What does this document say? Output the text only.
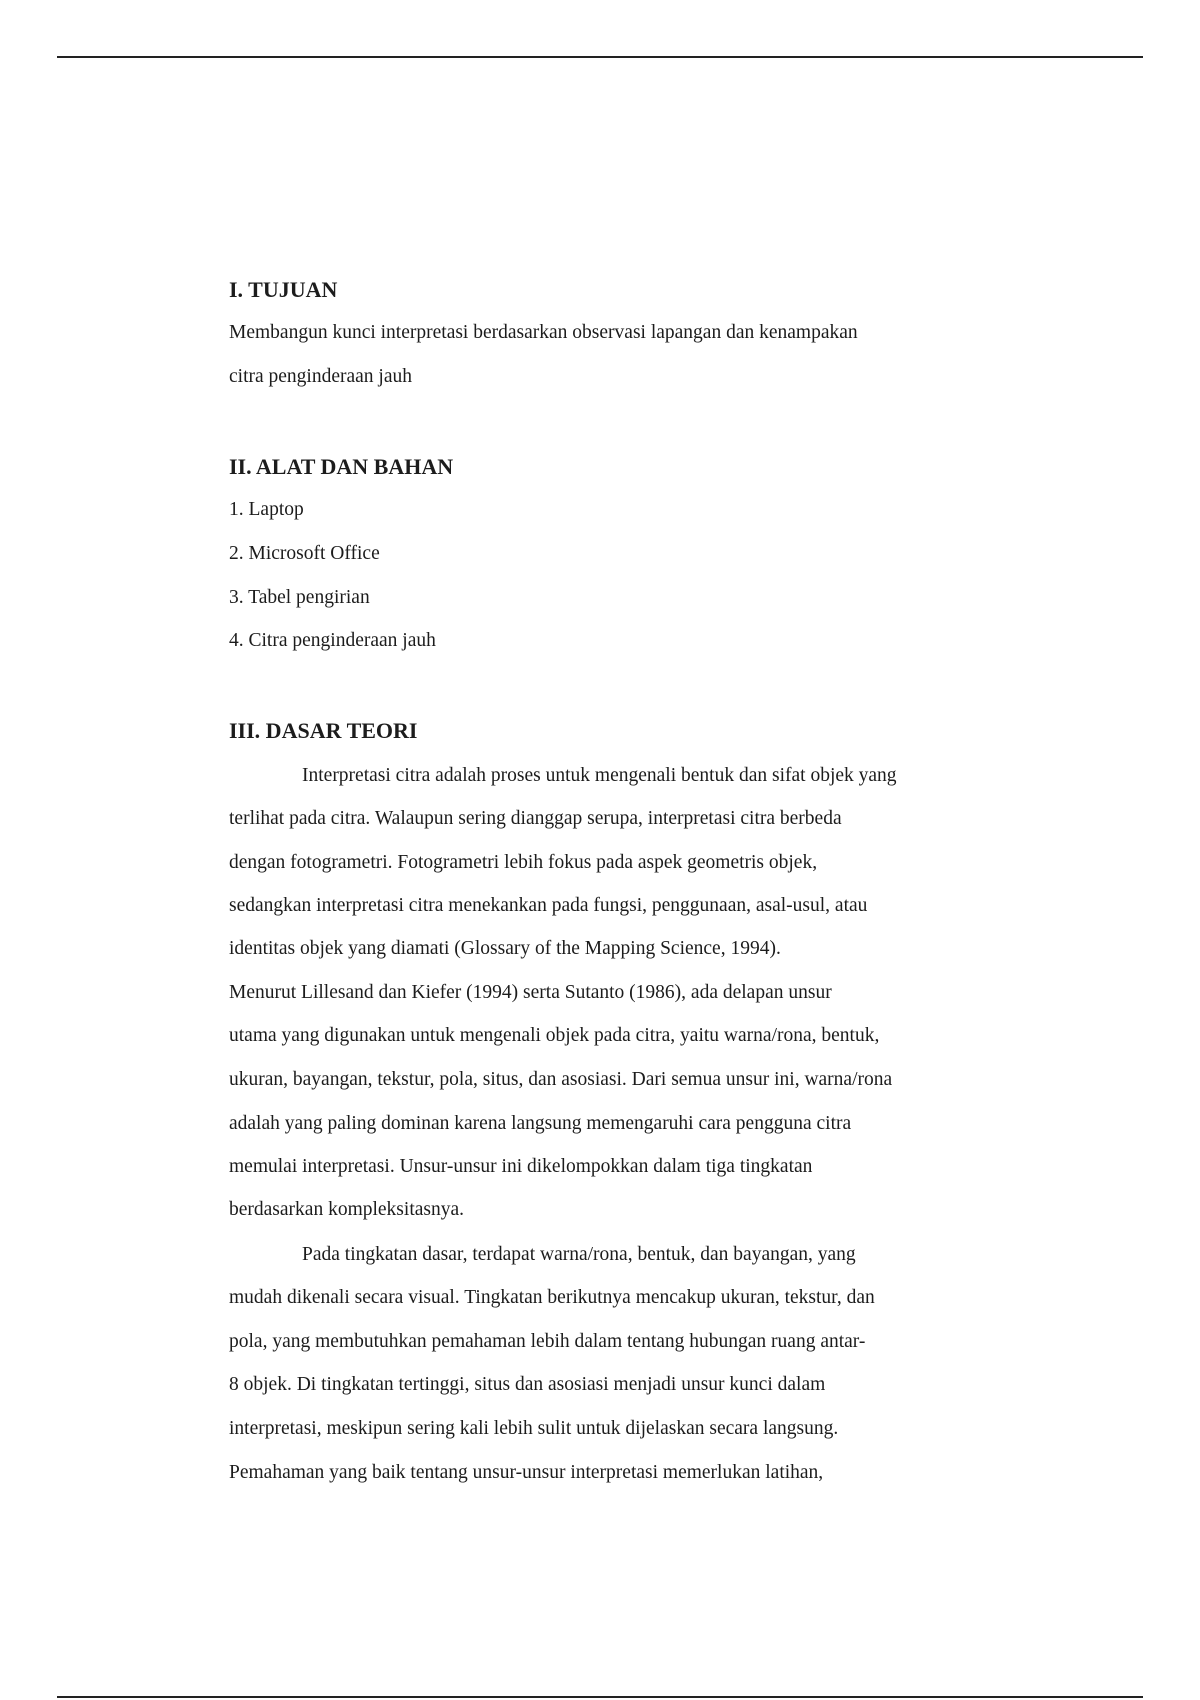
I. TUJUAN

Membangun kunci interpretasi berdasarkan observasi lapangan dan kenampakan

citra penginderaan jauh

II. ALAT DAN BAHAN

1. Laptop

2. Microsoft Office

3. Tabel pengirian

4. Citra penginderaan jauh

III. DASAR TEORI

Interpretasi citra adalah proses untuk mengenali bentuk dan sifat objek yang

terlihat pada citra. Walaupun sering dianggap serupa, interpretasi citra berbeda

dengan fotogrametri. Fotogrametri lebih fokus pada aspek geometris objek,

sedangkan interpretasi citra menekankan pada fungsi, penggunaan, asal-usul, atau

identitas objek yang diamati (Glossary of the Mapping Science, 1994).

Menurut Lillesand dan Kiefer (1994) serta Sutanto (1986), ada delapan unsur

utama yang digunakan untuk mengenali objek pada citra, yaitu warna/rona, bentuk,

ukuran, bayangan, tekstur, pola, situs, dan asosiasi. Dari semua unsur ini, warna/rona

adalah yang paling dominan karena langsung memengaruhi cara pengguna citra

memulai interpretasi. Unsur-unsur ini dikelompokkan dalam tiga tingkatan

berdasarkan kompleksitasnya.

Pada tingkatan dasar, terdapat warna/rona, bentuk, dan bayangan, yang

mudah dikenali secara visual. Tingkatan berikutnya mencakup ukuran, tekstur, dan

pola, yang membutuhkan pemahaman lebih dalam tentang hubungan ruang antar-

8 objek. Di tingkatan tertinggi, situs dan asosiasi menjadi unsur kunci dalam

interpretasi, meskipun sering kali lebih sulit untuk dijelaskan secara langsung.

Pemahaman yang baik tentang unsur-unsur interpretasi memerlukan latihan,
